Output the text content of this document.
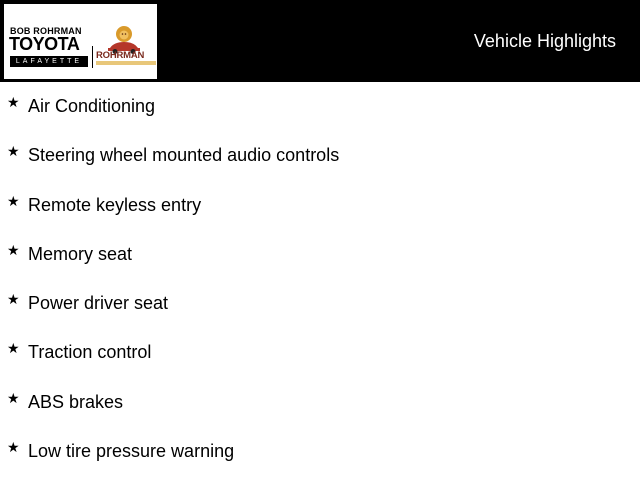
BOB ROHRMAN
TOYOTA
LAFAYETTE
ROHRMAN
Vehicle Highlights
★ Air Conditioning
★ Steering wheel mounted audio controls
★ Remote keyless entry
★ Memory seat
★ Power driver seat
★ Traction control
★ ABS brakes
★ Low tire pressure warning
